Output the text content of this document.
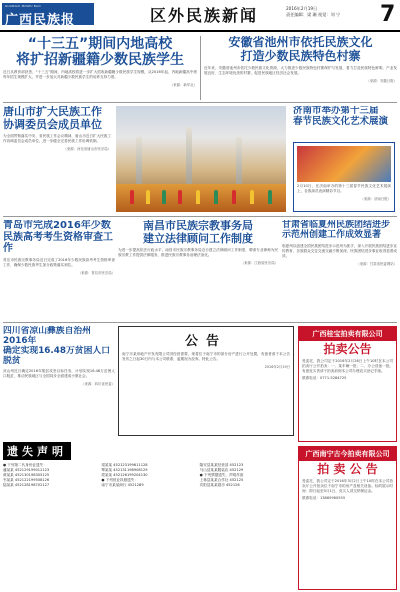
GUANGXI MINZU BAO
广西民族报	区外民族新闻	2016年2月19日
责任编辑：梁 珊 视觉：刘 宁	7
“十三五”期间内地高校
将扩招新疆籍少数民族学生
近日从教育部获悉，“十三五”期间，内地高校将进一步扩大招收新疆籍少数民族学生规模，从2016年起，内地新疆高中班每年招生规模扩大，并进一步加大对新疆少数民族学生的培养支持力度。
（来源：新华社）
安徽省池州市依托民族文化
打造少数民族特色村寨
近年来，安徽省池州市依托少数民族文化资源，大力推进少数民族特色村寨保护与发展，着力打造民族特色鲜明、产业发展良好、生态环境优美的村寨，促进民族地区经济社会发展。
（来源：安徽日报）
唐山市扩大民族工作
协调委员会成员单位
为全面贯彻落实中央、省民族工作会议精神，唐山市近日扩大民族工作协调委员会成员单位，进一步健全完善民族工作协调机制。
（来源：河北省唐山市民宗局）
济南市举办第十三届
春节民族文化艺术展演
2月10日，在济南举办的第十三届春节民族文化艺术展演上，各族演员表演精彩节目。
（来源：济南日报）
青岛市完成2016年少数
民族高考考生资格审查工作
青岛市民族宗教事务局近日完成了2016年少数民族高考考生资格审查工作，确保少数民族考生加分政策落实到位。
（来源：青岛市民宗局）
南昌市民族宗教事务局
建立法律顾问工作制度
为进一步提高依法行政水平，南昌市民族宗教事务局近日建立法律顾问工作制度，聘请专业律师为民族宗教工作提供法律服务，推进民族宗教事务治理法治化。
（来源：江西省民宗局）
甘肃省临夏州民族团结进步
示范州创建工作成效显著
临夏州以创建全国民族团结进步示范州为抓手，深入开展民族团结进步宣传教育，各族群众交往交流交融不断加深，民族团结进步事业取得显著成效。
（来源：甘肃省民委网站）
四川省凉山彝族自治州2016年
确定实现16.48万贫困人口脱贫
凉山州近日确定2016年脱贫攻坚目标任务，计划实现16.48万贫困人口脱贫，推动民族地区与全国同步全面建成小康社会。
（来源：四川省民委）
公告
南宁市某房地产开发有限公司因经营需要，现将位于南宁市的部分房产进行公开处置，有意者请于本公告发布之日起30日内与本公司联系，逾期视为放弃。特此公告。
2016年2月19日
广西桂宝拍卖有限公司
拍卖公告
受委托，我公司定于2016年2月26日上午10时在本公司拍卖厅公开拍卖：一、某车辆一批；二、办公设备一批。有意竞买者请于拍卖前到本公司办理竞买登记手续。
联系电话：0771-5284725
遗失声明
● 下列第二代身份证遗失：
潘某某 452129199012123
黄某某 452130198305125
韦某某 452122199508126
陆某某 452128198702127
梁某某 452123199611128
覃某某 452131198908129
蒙某某 452126199204130
● 下列营业执照遗失：
南宁市某某商行 4521289
隆安县某某经营部 452123
马山县某某服装店 452129
● 下列票据遗失，声明作废
上林县某某合作社 452125
宾阳县某某超市 452126
广西南宁古今拍卖有限公司
拍 卖 公 告
受委托，我公司定于2016年3月2日上午10时在本公司拍卖厅公开拍卖位于南宁市的房产及相关设备。标的展示时间：即日起至3月1日，竞买人须交纳保证金。
联系电话：13865960555
